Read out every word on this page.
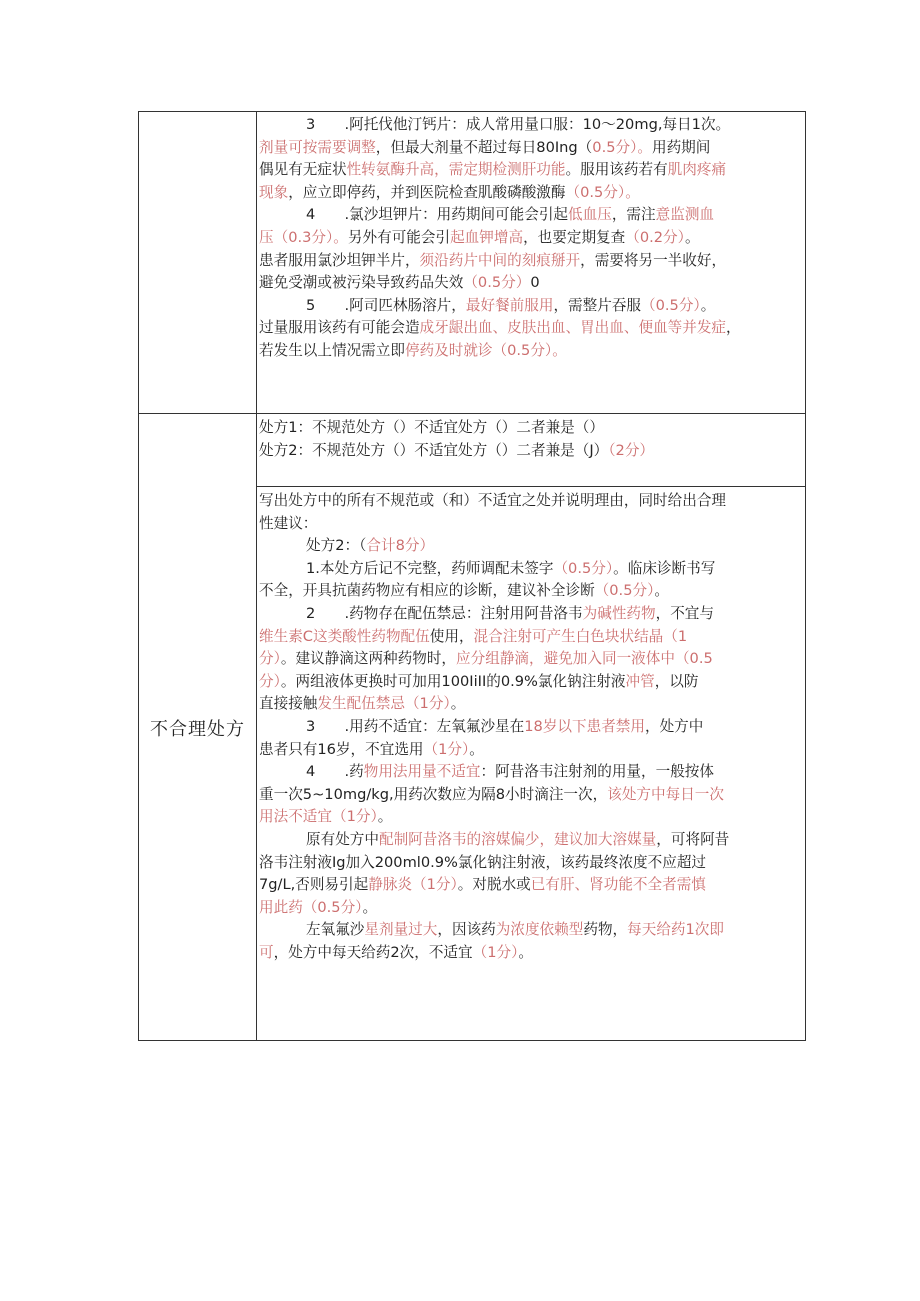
不合理处方
3　　.阿托伐他汀钙片：成人常用量口服：10～20mg,每日1次。
剂量可按需要调整，但最大剂量不超过每日80Ing（0.5分）。用药期间
偶见有无症状性转氨酶升高，需定期检测肝功能。服用该药若有肌肉疼痛
现象，应立即停药，并到医院检查肌酸磷酸激酶（0.5分）。
4　　.氯沙坦钾片：用药期间可能会引起低血压，需注意监测血
压（0.3分）。另外有可能会引起血钾增高，也要定期复查（0.2分）。
患者服用氯沙坦钾半片，须沿药片中间的刻痕掰开，需要将另一半收好，
避免受潮或被污染导致药品失效（0.5分）0
5　　.阿司匹林肠溶片，最好餐前服用，需整片吞服（0.5分）。
过量服用该药有可能会造成牙龈出血、皮肤出血、胃出血、便血等并发症，
若发生以上情况需立即停药及时就诊（0.5分）。
处方1：不规范处方（）不适宜处方（）二者兼是（）
处方2：不规范处方（）不适宜处方（）二者兼是（J）（2分）
写出处方中的所有不规范或（和）不适宜之处并说明理由，同时给出合理
性建议：
处方2：（合计8分）
1.本处方后记不完整，药师调配未签字（0.5分）。临床诊断书写
不全，开具抗菌药物应有相应的诊断，建议补全诊断（0.5分）。
2　　.药物存在配伍禁忌：注射用阿昔洛韦为碱性药物，不宜与
维生素C这类酸性药物配伍使用，混合注射可产生白色块状结晶（1
分）。建议静滴这两种药物时，应分组静滴，避免加入同一液体中（0.5
分）。两组液体更换时可加用100IiII的0.9%氯化钠注射液冲管，以防
直接接触发生配伍禁忌（1分）。
3　　.用药不适宜：左氧氟沙星在18岁以下患者禁用，处方中
患者只有16岁，不宜选用（1分）。
4　　.药物用法用量不适宜：阿昔洛韦注射剂的用量，一般按体
重一次5~10mg/kg,用药次数应为隔8小时滴注一次，该处方中每日一次
用法不适宜（1分）。
原有处方中配制阿昔洛韦的溶媒偏少，建议加大溶媒量，可将阿昔
洛韦注射液Ig加入200ml0.9%氯化钠注射液，该药最终浓度不应超过
7g/L,否则易引起静脉炎（1分）。对脱水或已有肝、肾功能不全者需慎
用此药（0.5分）。
左氧氟沙星剂量过大，因该药为浓度依赖型药物，每天给药1次即
可，处方中每天给药2次，不适宜（1分）。
